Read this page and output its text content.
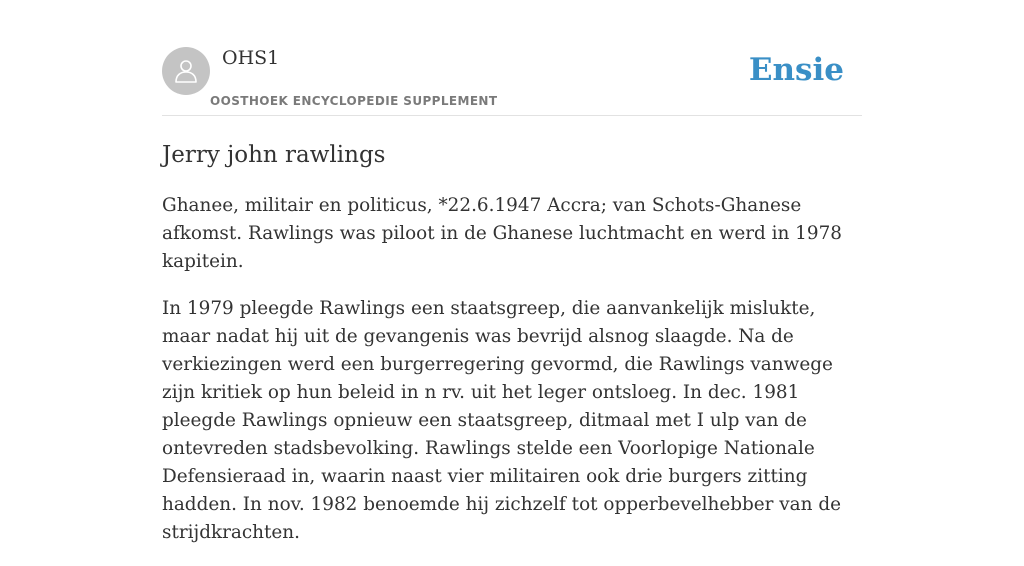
OHS1
OOSTHOEK ENCYCLOPEDIE SUPPLEMENT
Ensie
Jerry john rawlings

Ghanee, militair en politicus, *22.6.1947 Accra; van Schots-Ghanese afkomst. Rawlings was piloot in de Ghanese luchtmacht en werd in 1978 kapitein.

In 1979 pleegde Rawlings een staatsgreep, die aanvankelijk mislukte, maar nadat hij uit de gevangenis was bevrijd alsnog slaagde. Na de verkiezingen werd een burgerregering gevormd, die Rawlings vanwege zijn kritiek op hun beleid in n rv. uit het leger ontsloeg. In dec. 1981 pleegde Rawlings opnieuw een staatsgreep, ditmaal met I ulp van de ontevreden stadsbevolking. Rawlings stelde een Voorlopige Nationale Defensieraad in, waarin naast vier militairen ook drie burgers zitting hadden. In nov. 1982 benoemde hij zichzelf tot opperbevelhebber van de strijdkrachten.
